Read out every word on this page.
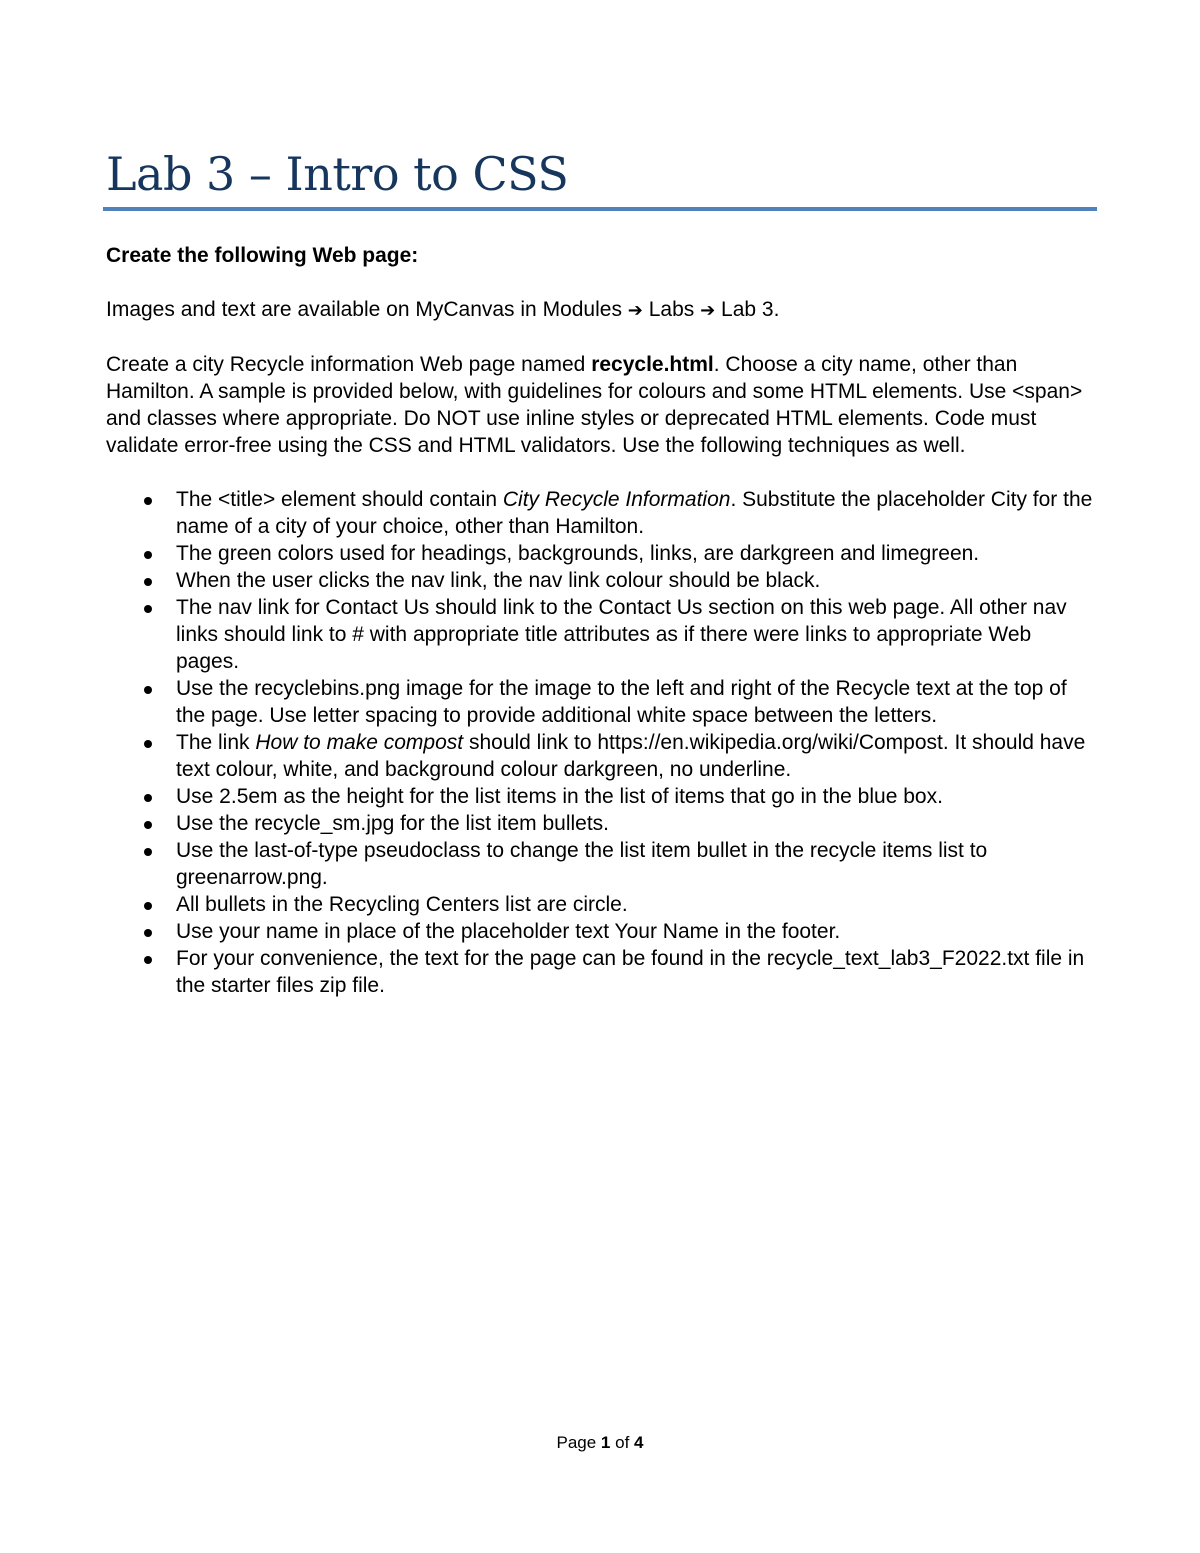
Lab 3 – Intro to CSS

Create the following Web page:

Images and text are available on MyCanvas in Modules ➔ Labs ➔ Lab 3.

Create a city Recycle information Web page named recycle.html. Choose a city name, other than Hamilton. A sample is provided below, with guidelines for colours and some HTML elements. Use <span> and classes where appropriate. Do NOT use inline styles or deprecated HTML elements. Code must validate error-free using the CSS and HTML validators. Use the following techniques as well.

The <title> element should contain City Recycle Information. Substitute the placeholder City for the name of a city of your choice, other than Hamilton.
The green colors used for headings, backgrounds, links, are darkgreen and limegreen.
When the user clicks the nav link, the nav link colour should be black.
The nav link for Contact Us should link to the Contact Us section on this web page. All other nav links should link to # with appropriate title attributes as if there were links to appropriate Web pages.
Use the recyclebins.png image for the image to the left and right of the Recycle text at the top of the page. Use letter spacing to provide additional white space between the letters.
The link How to make compost should link to https://en.wikipedia.org/wiki/Compost. It should have text colour, white, and background colour darkgreen, no underline.
Use 2.5em as the height for the list items in the list of items that go in the blue box.
Use the recycle_sm.jpg for the list item bullets.
Use the last-of-type pseudoclass to change the list item bullet in the recycle items list to greenarrow.png.
All bullets in the Recycling Centers list are circle.
Use your name in place of the placeholder text Your Name in the footer.
For your convenience, the text for the page can be found in the recycle_text_lab3_F2022.txt file in the starter files zip file.
Page 1 of 4
